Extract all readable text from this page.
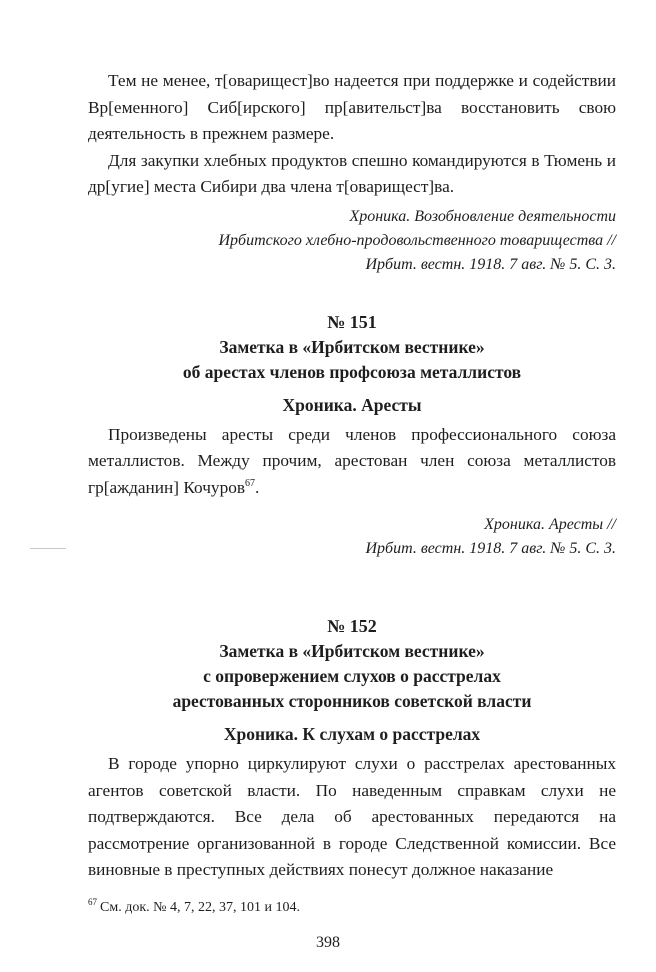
Тем не менее, т[оварищест]во надеется при поддержке и содействии Вр[еменного] Сиб[ирского] пр[авительст]ва восстановить свою деятельность в прежнем размере.

Для закупки хлебных продуктов спешно командируются в Тюмень и др[угие] места Сибири два члена т[оварищест]ва.

Хроника. Возобновление деятельности
Ирбитского хлебно-продовольственного товарищества //
Ирбит. вестн. 1918. 7 авг. № 5. С. 3.

№ 151

Заметка в «Ирбитском вестнике»
об арестах членов профсоюза металлистов

Хроника. Аресты

Произведены аресты среди членов профессионального союза металлистов. Между прочим, арестован член союза металлистов гр[ажданин] Кочуров$^{67}$.

Хроника. Аресты //
Ирбит. вестн. 1918. 7 авг. № 5. С. 3.

№ 152

Заметка в «Ирбитском вестнике»
с опровержением слухов о расстрелах
арестованных сторонников советской власти

Хроника. К слухам о расстрелах

В городе упорно циркулируют слухи о расстрелах арестованных агентов советской власти. По наведенным справкам слухи не подтверждаются. Все дела об арестованных передаются на рассмотрение организованной в городе Следственной комиссии. Все виновные в преступных действиях понесут должное наказание

$^{67}$ См. док. № 4, 7, 22, 37, 101 и 104.

398
